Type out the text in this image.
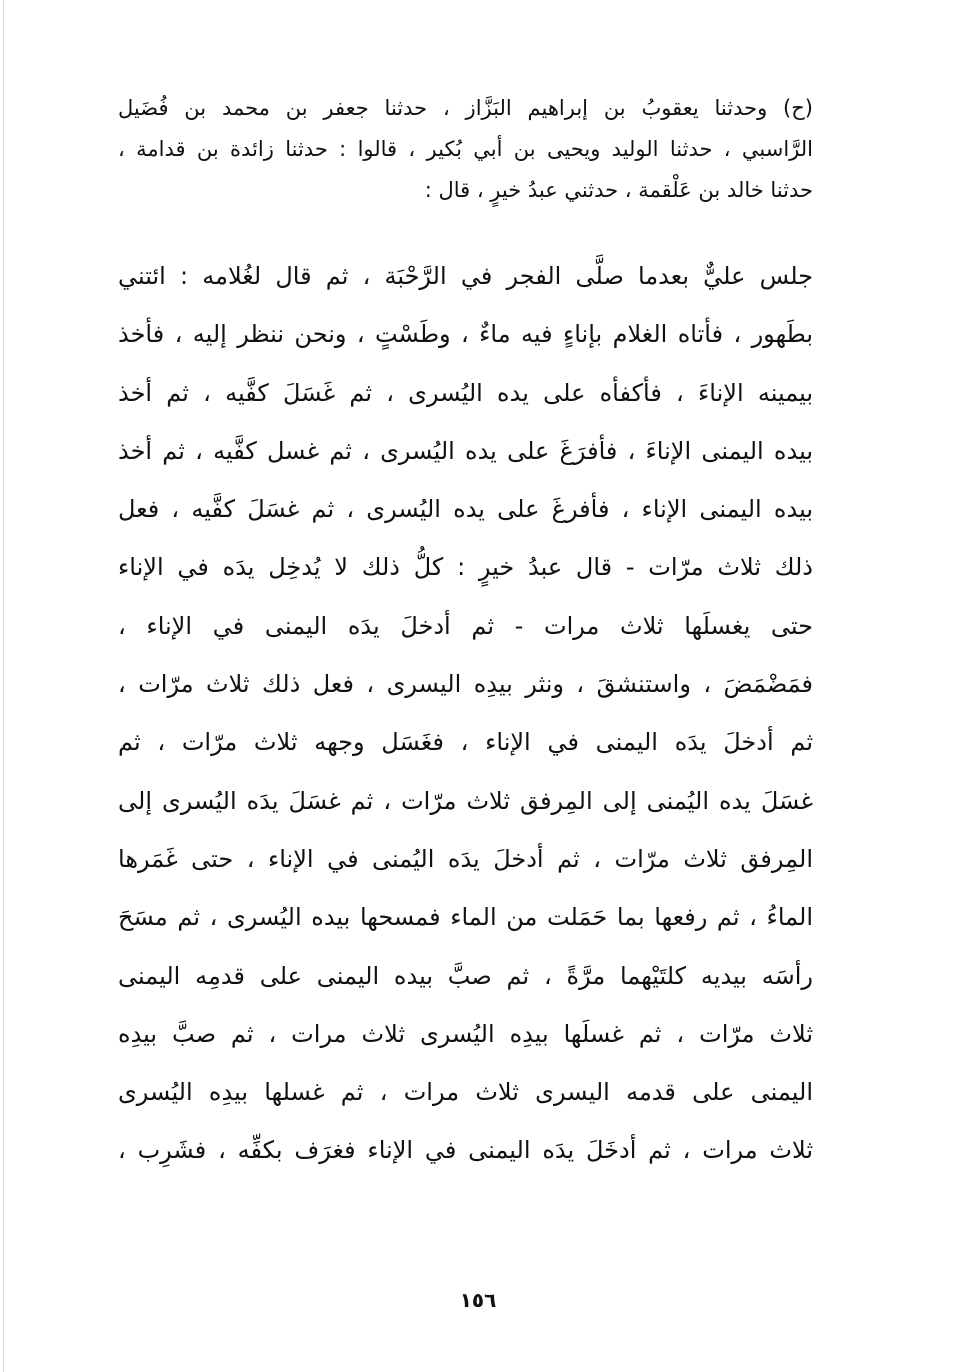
(ح) وحدثنا يعقوبُ بن إبراهيم البَزَّاز ، حدثنا جعفر بن محمد بن فُضَيل
الرَّاسبي ، حدثنا الوليد ويحيى بن أبي بُكير ، قالوا : حدثنا زائدة بن قدامة ،
حدثنا خالد بن عَلْقمة ، حدثني عبدُ خيرٍ ، قال :
جلس عليٌّ بعدما صلَّى الفجر في الرَّحْبَة ، ثم قال لغُلامه : ائتني
بطَهور ، فأتاه الغلام بإناءٍ فيه ماءٌ ، وطَسْتٍ ، ونحن ننظر إليه ، فأخذ
بيمينه الإناءَ ، فأكفأه على يده اليُسرى ، ثم غَسَلَ كفَّيه ، ثم أخذ
بيده اليمنى الإناءَ ، فأفرَغَ على يده اليُسرى ، ثم غسل كفَّيه ، ثم أخذ
بيده اليمنى الإناء ، فأفرغَ على يده اليُسرى ، ثم غسَلَ كفَّيه ، فعل
ذلك ثلاث مرّات - قال عبدُ خيرٍ : كلُّ ذلك لا يُدخِل يدَه في الإناء
حتى يغسلَها ثلاث مرات - ثم أدخلَ يدَه اليمنى في الإناء ،
فمَضْمَضَ ، واستنشقَ ، ونثر بيدِه اليسرى ، فعل ذلك ثلاث مرّات ،
ثم أدخلَ يدَه اليمنى في الإناء ، فغَسَل وجهه ثلاث مرّات ، ثم
غسَلَ يده اليُمنى إلى المِرفق ثلاث مرّات ، ثم غسَلَ يدَه اليُسرى إلى
المِرفق ثلاث مرّات ، ثم أدخلَ يدَه اليُمنى في الإناء ، حتى غَمَرها
الماءُ ، ثم رفعها بما حَمَلت من الماء فمسحها بيده اليُسرى ، ثم مسَحَ
رأسَه بيديه كلتَيْهما مرَّةً ، ثم صبَّ بيده اليمنى على قدمِه اليمنى
ثلاث مرّات ، ثم غسلَها بيدِه اليُسرى ثلاث مرات ، ثم صبَّ بيدِه
اليمنى على قدمه اليسرى ثلاث مرات ، ثم غسلها بيدِه اليُسرى
ثلاث مرات ، ثم أدخَلَ يدَه اليمنى في الإناء فغرَف بكفِّه ، فشَرِب ،
١٥٦
